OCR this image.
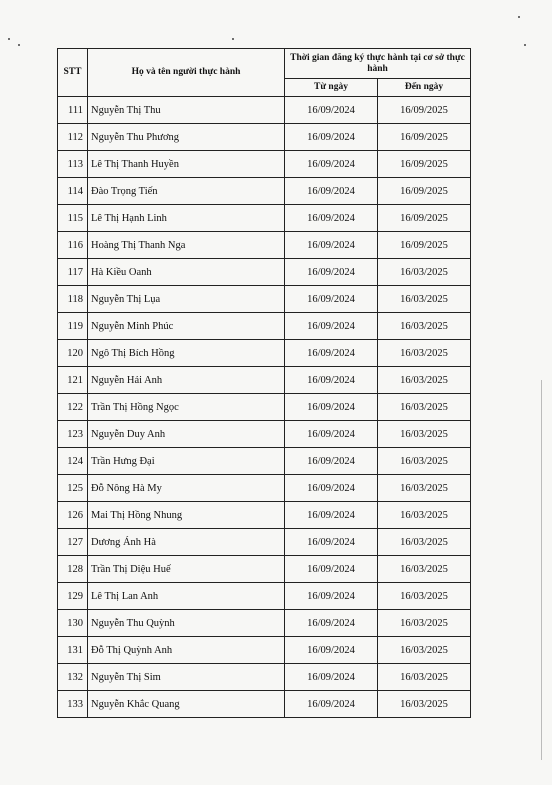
STT	Họ và tên người thực hành	Thời gian đăng ký thực hành tại cơ sở thực hành	
		Từ ngày	Đến ngày
111	Nguyễn Thị Thu	16/09/2024	16/09/2025
112	Nguyễn Thu Phương	16/09/2024	16/09/2025
113	Lê Thị Thanh Huyền	16/09/2024	16/09/2025
114	Đào Trọng Tiến	16/09/2024	16/09/2025
115	Lê Thị Hạnh Linh	16/09/2024	16/09/2025
116	Hoàng Thị Thanh Nga	16/09/2024	16/09/2025
117	Hà Kiều Oanh	16/09/2024	16/03/2025
118	Nguyễn Thị Lụa	16/09/2024	16/03/2025
119	Nguyễn Minh Phúc	16/09/2024	16/03/2025
120	Ngô Thị Bích Hồng	16/09/2024	16/03/2025
121	Nguyễn Hải Anh	16/09/2024	16/03/2025
122	Trần Thị Hồng Ngọc	16/09/2024	16/03/2025
123	Nguyễn Duy Anh	16/09/2024	16/03/2025
124	Trần Hưng Đại	16/09/2024	16/03/2025
125	Đỗ Nông Hà My	16/09/2024	16/03/2025
126	Mai Thị Hồng Nhung	16/09/2024	16/03/2025
127	Dương Ánh Hà	16/09/2024	16/03/2025
128	Trần Thị Diệu Huế	16/09/2024	16/03/2025
129	Lê Thị Lan Anh	16/09/2024	16/03/2025
130	Nguyễn Thu Quỳnh	16/09/2024	16/03/2025
131	Đỗ Thị Quỳnh Anh	16/09/2024	16/03/2025
132	Nguyễn Thị Sim	16/09/2024	16/03/2025
133	Nguyễn Khắc Quang	16/09/2024	16/03/2025
